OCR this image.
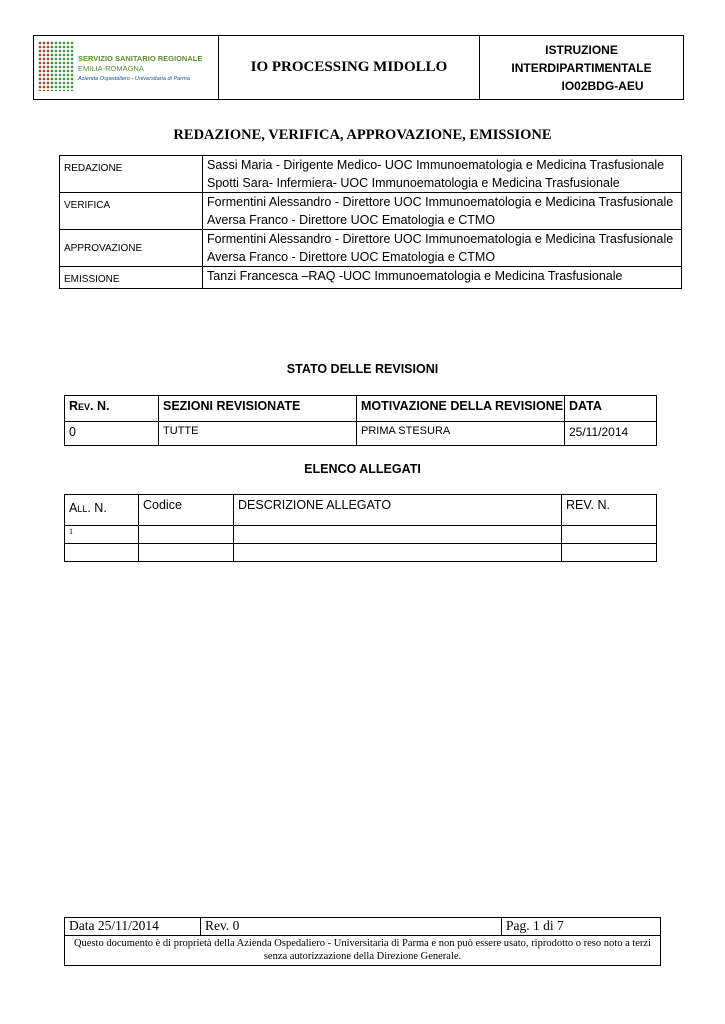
SERVIZIO SANITARIO REGIONALE
EMILIA-ROMAGNA
Azienda Ospedaliero - Universitaria di Parma
	IO PROCESSING MIDOLLO	
ISTRUZIONE
INTERDIPARTIMENTALE
IO02BDG-AEU
REDAZIONE, VERIFICA, APPROVAZIONE, EMISSIONE
REDAZIONE	Sassi Maria - Dirigente Medico- UOC Immunoematologia e Medicina Trasfusionale
Spotti Sara- Infermiera- UOC Immunoematologia e Medicina Trasfusionale

VERIFICA	Formentini Alessandro - Direttore UOC Immunoematologia e Medicina Trasfusionale
Aversa Franco - Direttore UOC Ematologia e CTMO

APPROVAZIONE	Formentini Alessandro - Direttore UOC Immunoematologia e Medicina Trasfusionale
Aversa Franco - Direttore UOC Ematologia e CTMO

EMISSIONE	Tanzi Francesca –RAQ -UOC Immunoematologia e Medicina Trasfusionale
STATO DELLE REVISIONI
Rev. N.	SEZIONI REVISIONATE	MOTIVAZIONE DELLA REVISIONE	DATA
0	TUTTE	PRIMA STESURA	25/11/2014
ELENCO ALLEGATI
All. N.	Codice	DESCRIZIONE ALLEGATO	REV. N.
1			

Data 25/11/2014	Rev. 0	Pag. 1 di 7
Questo documento è di proprietà della Azienda Ospedaliero - Universitaria di Parma e non può essere usato, riprodotto o reso noto a terzi senza autorizzazione della Direzione Generale.
